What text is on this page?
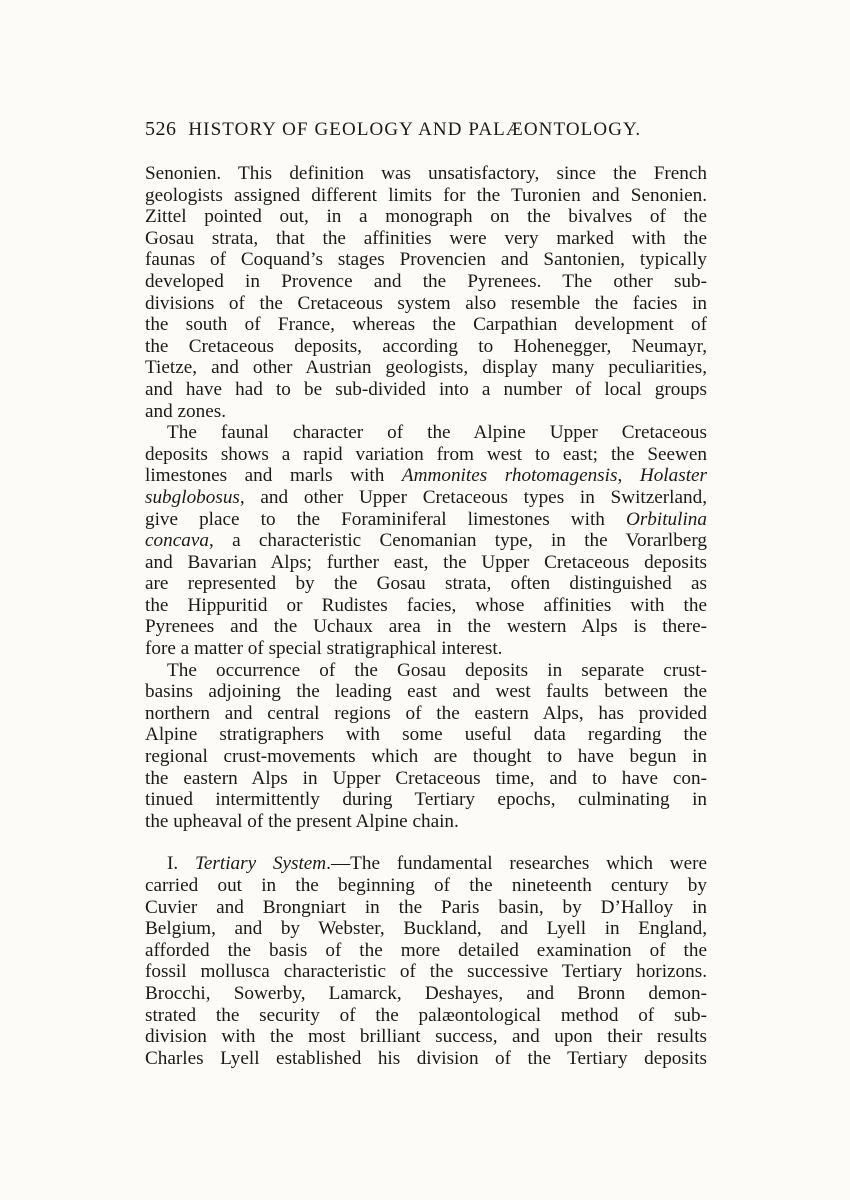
526 HISTORY OF GEOLOGY AND PALÆONTOLOGY.
Senonien. This definition was unsatisfactory, since the French
geologists assigned different limits for the Turonien and Senonien.
Zittel pointed out, in a monograph on the bivalves of the
Gosau strata, that the affinities were very marked with the
faunas of Coquand’s stages Provencien and Santonien, typically
developed in Provence and the Pyrenees. The other sub-
divisions of the Cretaceous system also resemble the facies in
the south of France, whereas the Carpathian development of
the Cretaceous deposits, according to Hohenegger, Neumayr,
Tietze, and other Austrian geologists, display many peculiarities,
and have had to be sub-divided into a number of local groups
and zones.
The faunal character of the Alpine Upper Cretaceous
deposits shows a rapid variation from west to east; the Seewen
limestones and marls with Ammonites rhotomagensis, Holaster
subglobosus, and other Upper Cretaceous types in Switzerland,
give place to the Foraminiferal limestones with Orbitulina
concava, a characteristic Cenomanian type, in the Vorarlberg
and Bavarian Alps; further east, the Upper Cretaceous deposits
are represented by the Gosau strata, often distinguished as
the Hippuritid or Rudistes facies, whose affinities with the
Pyrenees and the Uchaux area in the western Alps is there-
fore a matter of special stratigraphical interest.
The occurrence of the Gosau deposits in separate crust-
basins adjoining the leading east and west faults between the
northern and central regions of the eastern Alps, has provided
Alpine stratigraphers with some useful data regarding the
regional crust-movements which are thought to have begun in
the eastern Alps in Upper Cretaceous time, and to have con-
tinued intermittently during Tertiary epochs, culminating in
the upheaval of the present Alpine chain.
I. Tertiary System.—The fundamental researches which were
carried out in the beginning of the nineteenth century by
Cuvier and Brongniart in the Paris basin, by D’Halloy in
Belgium, and by Webster, Buckland, and Lyell in England,
afforded the basis of the more detailed examination of the
fossil mollusca characteristic of the successive Tertiary horizons.
Brocchi, Sowerby, Lamarck, Deshayes, and Bronn demon-
strated the security of the palæontological method of sub-
division with the most brilliant success, and upon their results
Charles Lyell established his division of the Tertiary deposits
